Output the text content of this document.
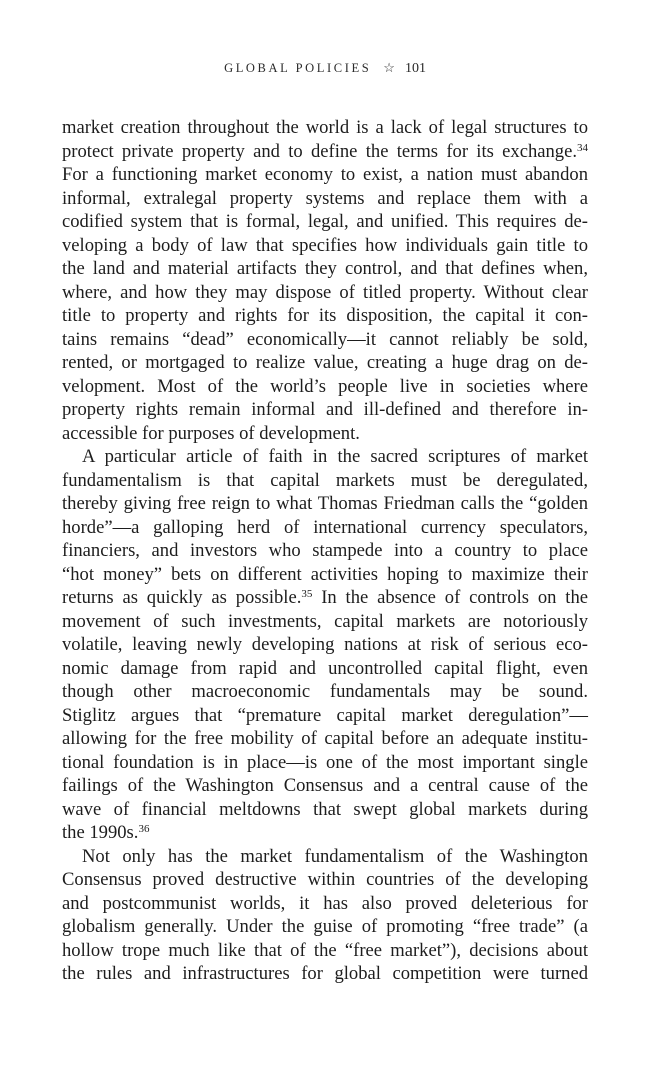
GLOBAL POLICIES ☆ 101
market creation throughout the world is a lack of legal structures to
protect private property and to define the terms for its exchange.$^{34}$
For a functioning market economy to exist, a nation must abandon
informal, extralegal property systems and replace them with a
codified system that is formal, legal, and unified. This requires de-
veloping a body of law that specifies how individuals gain title to
the land and material artifacts they control, and that defines when,
where, and how they may dispose of titled property. Without clear
title to property and rights for its disposition, the capital it con-
tains remains “dead” economically—it cannot reliably be sold,
rented, or mortgaged to realize value, creating a huge drag on de-
velopment. Most of the world’s people live in societies where
property rights remain informal and ill-defined and therefore in-
accessible for purposes of development.
A particular article of faith in the sacred scriptures of market
fundamentalism is that capital markets must be deregulated,
thereby giving free reign to what Thomas Friedman calls the “golden
horde”—a galloping herd of international currency speculators,
financiers, and investors who stampede into a country to place
“hot money” bets on different activities hoping to maximize their
returns as quickly as possible.$^{35}$ In the absence of controls on the
movement of such investments, capital markets are notoriously
volatile, leaving newly developing nations at risk of serious eco-
nomic damage from rapid and uncontrolled capital flight, even
though other macroeconomic fundamentals may be sound.
Stiglitz argues that “premature capital market deregulation”—
allowing for the free mobility of capital before an adequate institu-
tional foundation is in place—is one of the most important single
failings of the Washington Consensus and a central cause of the
wave of financial meltdowns that swept global markets during
the 1990s.$^{36}$
Not only has the market fundamentalism of the Washington
Consensus proved destructive within countries of the developing
and postcommunist worlds, it has also proved deleterious for
globalism generally. Under the guise of promoting “free trade” (a
hollow trope much like that of the “free market”), decisions about
the rules and infrastructures for global competition were turned
